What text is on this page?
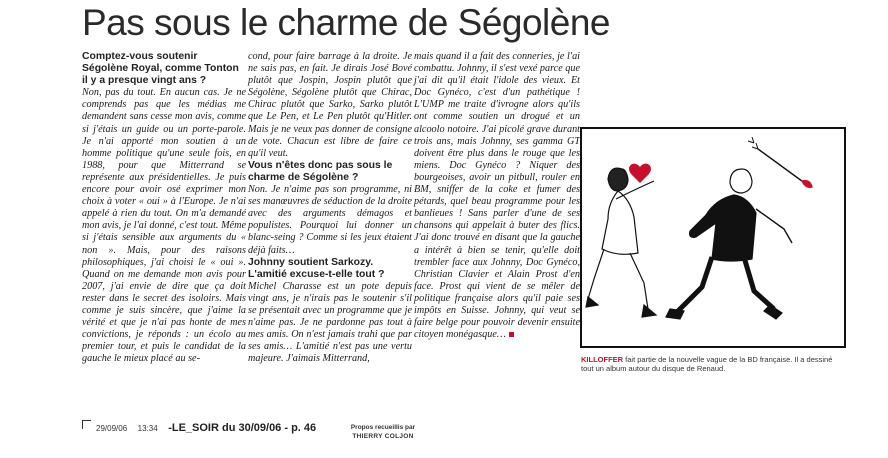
Pas sous le charme de Ségolène

Comptez-vous soutenir Ségolène Royal, comme Tonton il y a presque vingt ans ?

Non, pas du tout. En aucun cas. Je ne comprends pas que les médias me demandent sans cesse mon avis, comme si j'étais un guide ou un porte-parole. Je n'ai apporté mon soutien à un homme politique qu'une seule fois, en 1988, pour que Mitterrand se représente aux présidentielles. Je puis encore pour avoir osé exprimer mon choix à voter « oui » à l'Europe. Je n'ai appelé à rien du tout. On m'a demandé mon avis, je l'ai donné, c'est tout. Même si j'étais sensible aux arguments du « non ». Mais, pour des raisons philosophiques, j'ai choisi le « oui ». Quand on me demande mon avis pour 2007, j'ai envie de dire que ça doit rester dans le secret des isoloirs. Mais comme je suis sincère, que j'aime la vérité et que je n'ai pas honte de mes convictions, je réponds : un écolo au premier tour, et puis le candidat de la gauche le mieux placé au se-

cond, pour faire barrage à la droite. Je ne sais pas, en fait. Je dirais José Bové plutôt que Jospin, Jospin plutôt que Ségolène, Ségolène plutôt que Chirac, Chirac plutôt que Sarko, Sarko plutôt que Le Pen, et Le Pen plutôt qu'Hitler. Mais je ne veux pas donner de consigne de vote. Chacun est libre de faire ce qu'il veut.

Vous n'êtes donc pas sous le charme de Ségolène ?

Non. Je n'aime pas son programme, ni ses manœuvres de séduction de la droite avec des arguments démagos et populistes. Pourquoi lui donner un blanc-seing ? Comme si les jeux étaient déjà faits…

Johnny soutient Sarkozy. L'amitié excuse-t-elle tout ?

Michel Charasse est un pote depuis vingt ans, je n'irais pas le soutenir s'il se présentait avec un programme que je n'aime pas. Je ne pardonne pas tout à mes amis. On n'est jamais trahi que par ses amis… L'amitié n'est pas une vertu majeure. J'aimais Mitterrand,

mais quand il a fait des conneries, je l'ai combattu. Johnny, il s'est vexé parce que j'ai dit qu'il était l'idole des vieux. Et Doc Gynéco, c'est d'un pathétique ! L'UMP me traite d'ivrogne alors qu'ils ont comme soutien un drogué et un alcoolo notoire. J'ai picolé grave durant trois ans, mais Johnny, ses gamma GT doivent être plus dans le rouge que les miens. Doc Gynéco ? Niquer des bourgeoises, avoir un pitbull, rouler en BM, sniffer de la coke et fumer des pétards, quel beau programme pour les banlieues ! Sans parler d'une de ses chansons qui appelait à buter des flics. J'ai donc trouvé en disant que la gauche a intérêt à bien se tenir, qu'elle doit trembler face aux Johnny, Doc Gynéco, Christian Clavier et Alain Prost d'en face. Prost qui vient de se mêler de politique française alors qu'il paie ses impôts en Suisse. Johnny, qui veut se faire belge pour pouvoir devenir ensuite citoyen monégasque…

KILLOFFER fait partie de la nouvelle vague de la BD française. Il a dessiné tout un album autour du disque de Renaud.
29/09/06 13:34 -LE_SOIR du 30/09/06 - p. 46	Propos recueillis par
THIERRY COLJON
